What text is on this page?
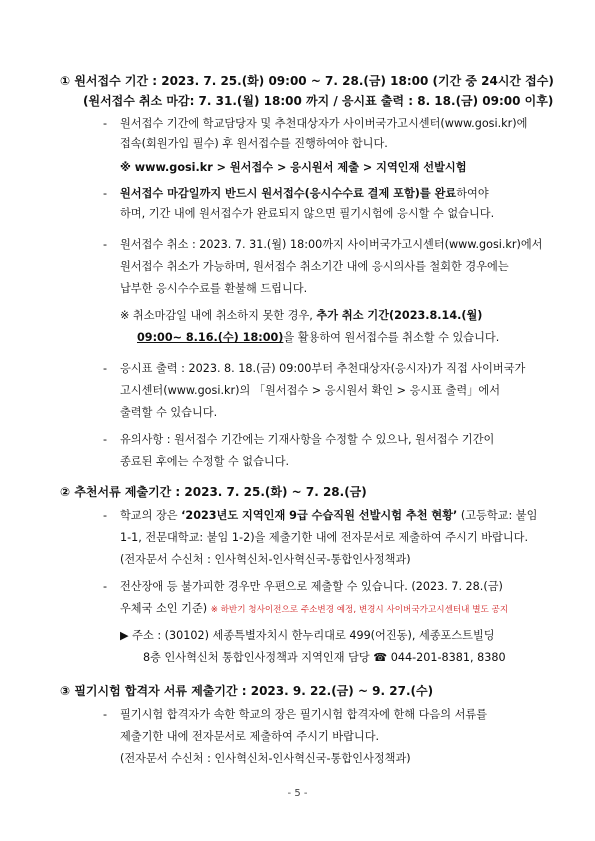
① 원서접수 기간 : 2023. 7. 25.(화) 09:00 ~ 7. 28.(금) 18:00 (기간 중 24시간 접수)
(원서접수 취소 마감: 7. 31.(월) 18:00 까지 / 응시표 출력 : 8. 18.(금) 09:00 이후)
- 원서접수 기간에 학교담당자 및 추천대상자가 사이버국가고시센터(www.gosi.kr)에
접속(회원가입 필수) 후 원서접수를 진행하여야 합니다.
※ www.gosi.kr > 원서접수 > 응시원서 제출 > 지역인재 선발시험
- 원서접수 마감일까지 반드시 원서접수(응시수수료 결제 포함)를 완료하여야
하며, 기간 내에 원서접수가 완료되지 않으면 필기시험에 응시할 수 없습니다.
- 원서접수 취소 : 2023. 7. 31.(월) 18:00까지 사이버국가고시센터(www.gosi.kr)에서
원서접수 취소가 가능하며, 원서접수 취소기간 내에 응시의사를 철회한 경우에는
납부한 응시수수료를 환불해 드립니다.
※ 취소마감일 내에 취소하지 못한 경우, 추가 취소 기간(2023.8.14.(월)
09:00~ 8.16.(수) 18:00)을 활용하여 원서접수를 취소할 수 있습니다.
- 응시표 출력 : 2023. 8. 18.(금) 09:00부터 추천대상자(응시자)가 직접 사이버국가
고시센터(www.gosi.kr)의 「원서접수 > 응시원서 확인 > 응시표 출력」에서
출력할 수 있습니다.
- 유의사항 : 원서접수 기간에는 기재사항을 수정할 수 있으나, 원서접수 기간이
종료된 후에는 수정할 수 없습니다.
② 추천서류 제출기간 : 2023. 7. 25.(화) ~ 7. 28.(금)
- 학교의 장은 ‘2023년도 지역인재 9급 수습직원 선발시험 추천 현황’ (고등학교: 붙임
1-1, 전문대학교: 붙임 1-2)을 제출기한 내에 전자문서로 제출하여 주시기 바랍니다.
(전자문서 수신처 : 인사혁신처-인사혁신국-통합인사정책과)
- 전산장애 등 불가피한 경우만 우편으로 제출할 수 있습니다. (2023. 7. 28.(금)
우체국 소인 기준) ※ 하반기 청사이전으로 주소변경 예정, 변경시 사이버국가고시센터내 별도 공지
▶ 주소 : (30102) 세종특별자치시 한누리대로 499(어진동), 세종포스트빌딩
8층 인사혁신처 통합인사정책과 지역인재 담당 ☎ 044-201-8381, 8380
③ 필기시험 합격자 서류 제출기간 : 2023. 9. 22.(금) ~ 9. 27.(수)
- 필기시험 합격자가 속한 학교의 장은 필기시험 합격자에 한해 다음의 서류를
제출기한 내에 전자문서로 제출하여 주시기 바랍니다.
(전자문서 수신처 : 인사혁신처-인사혁신국-통합인사정책과)
- 5 -
